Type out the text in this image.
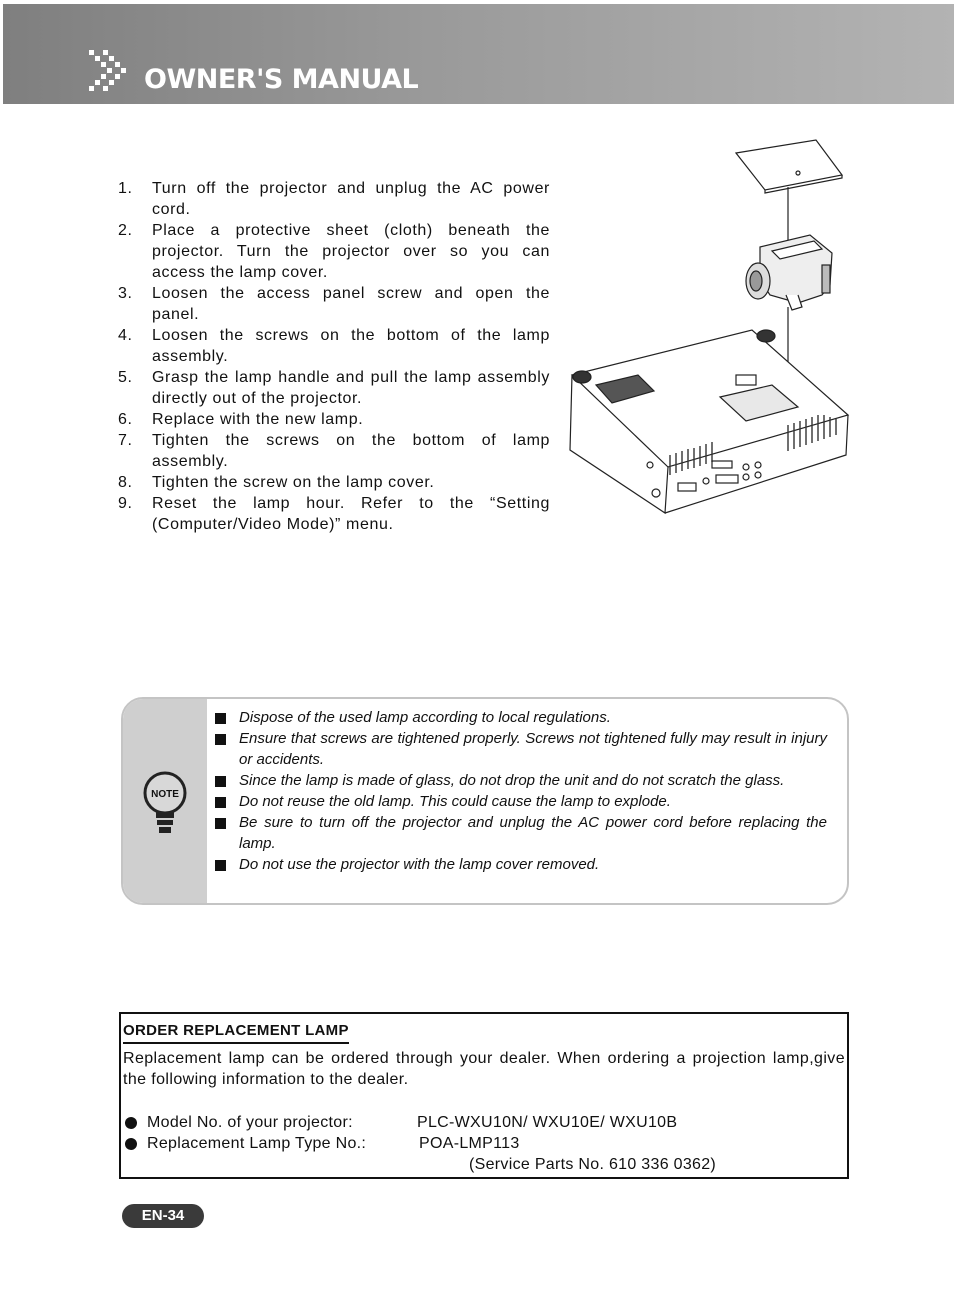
OWNER'S MANUAL
1. Turn off the projector and unplug the AC power cord.
2. Place a protective sheet (cloth) beneath the projector. Turn the projector over so you can access the lamp cover.
3. Loosen the access panel screw and open the panel.
4. Loosen the screws on the bottom of the lamp assembly.
5. Grasp the lamp handle and pull the lamp assembly directly out of the projector.
6. Replace with the new lamp.
7. Tighten the screws on the bottom of lamp assembly.
8. Tighten the screw on the lamp cover.
9. Reset the lamp hour. Refer to the “Setting (Computer/Video Mode)” menu.
NOTE
Dispose of the used lamp according to local regulations.
Ensure that screws are tightened properly. Screws not tightened fully may result in injury or accidents.
Since the lamp is made of glass, do not drop the unit and do not scratch the glass.
Do not reuse the old lamp. This could cause the lamp to explode.
Be sure to turn off the projector and unplug the AC power cord before replacing the lamp.
Do not use the projector with the lamp cover removed.
ORDER REPLACEMENT LAMP
Replacement lamp can be ordered through your dealer. When ordering a projection lamp,give the following information to the dealer.
Model No. of your projector:	PLC-WXU10N/ WXU10E/ WXU10B
Replacement Lamp Type No.:	POA-LMP113
(Service Parts No. 610 336 0362)
EN-34
